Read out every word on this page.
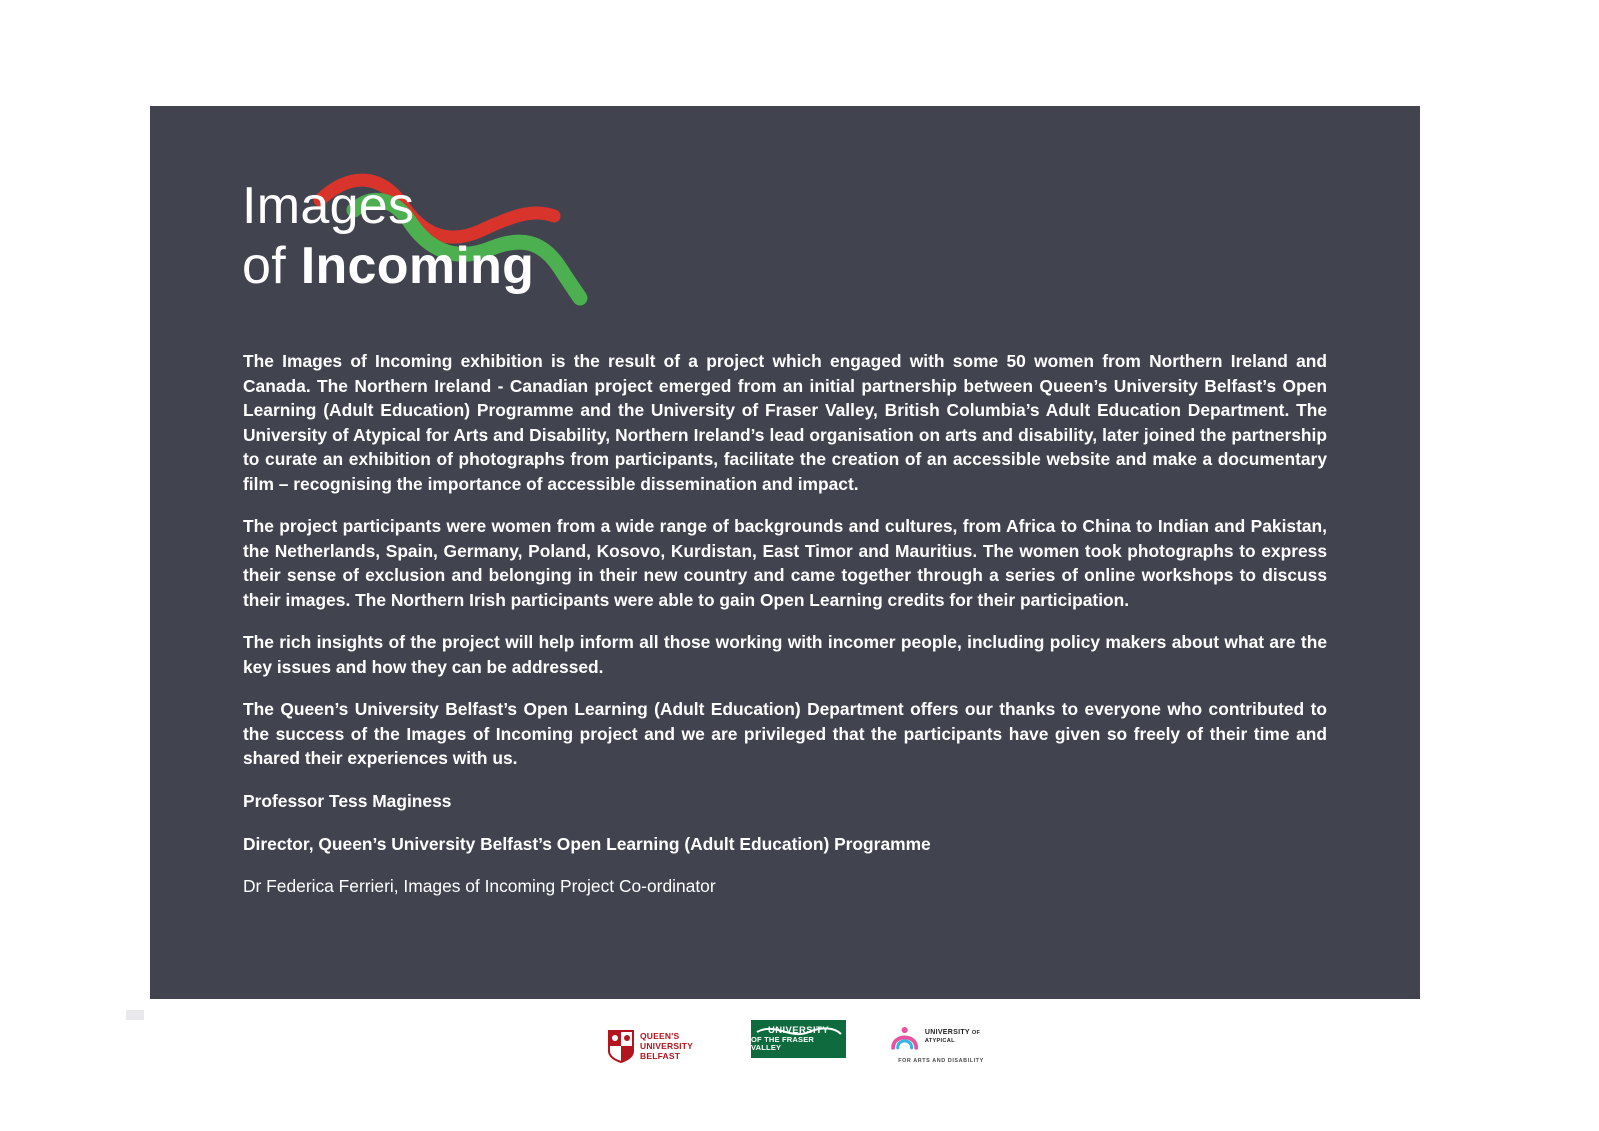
Images
of Incoming

The Images of Incoming exhibition is the result of a project which engaged with some 50 women from Northern Ireland and Canada. The Northern Ireland - Canadian project emerged from an initial partnership between Queen’s University Belfast’s Open Learning (Adult Education) Programme and the University of Fraser Valley, British Columbia’s Adult Education Department. The University of Atypical for Arts and Disability, Northern Ireland’s lead organisation on arts and disability, later joined the partnership to curate an exhibition of photographs from participants, facilitate the creation of an accessible website and make a documentary film – recognising the importance of accessible dissemination and impact.

The project participants were women from a wide range of backgrounds and cultures, from Africa to China to Indian and Pakistan, the Netherlands, Spain, Germany, Poland, Kosovo, Kurdistan, East Timor and Mauritius. The women took photographs to express their sense of exclusion and belonging in their new country and came together through a series of online workshops to discuss their images. The Northern Irish participants were able to gain Open Learning credits for their participation.

The rich insights of the project will help inform all those working with incomer people, including policy makers about what are the key issues and how they can be addressed.

The Queen’s University Belfast’s Open Learning (Adult Education) Department offers our thanks to everyone who contributed to the success of the Images of Incoming project and we are privileged that the participants have given so freely of their time and shared their experiences with us.

Professor Tess Maginess

Director, Queen’s University Belfast’s Open Learning (Adult Education) Programme

Dr Federica Ferrieri, Images of Incoming Project Co-ordinator

QUEEN'S
UNIVERSITY
BELFAST
UNIVERSITY
OF THE FRASER VALLEY
UNIVERSITY OF ATYPICAL
FOR ARTS AND DISABILITY
